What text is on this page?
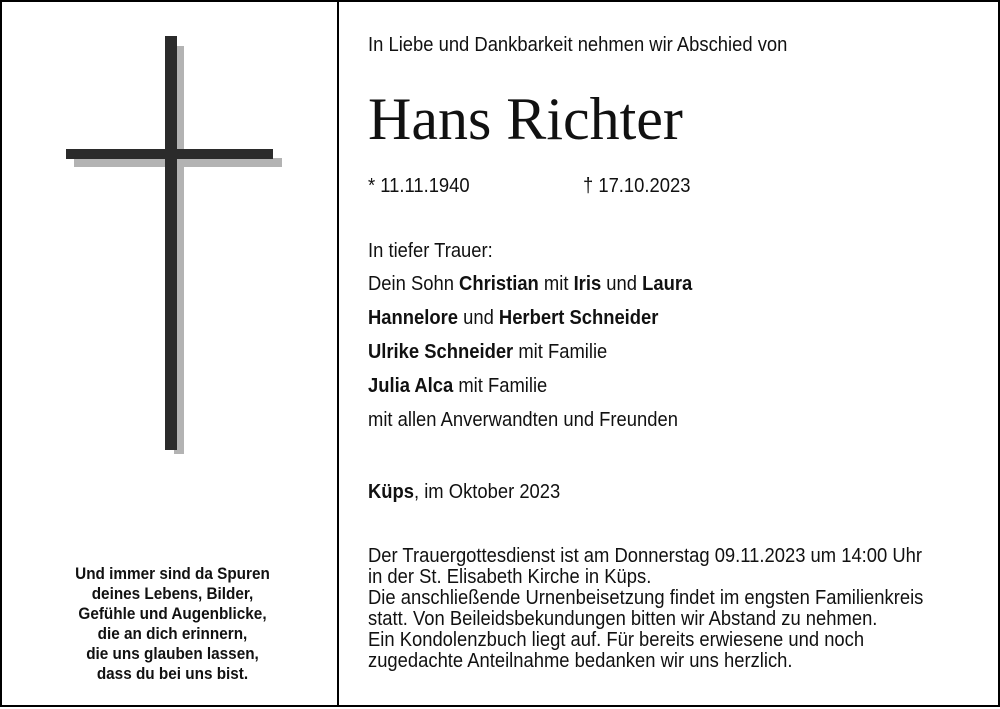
Und immer sind da Spuren
deines Lebens, Bilder,
Gefühle und Augenblicke,
die an dich erinnern,
die uns glauben lassen,
dass du bei uns bist.
In Liebe und Dankbarkeit nehmen wir Abschied von
Hans Richter
* 11.11.1940	† 17.10.2023
In tiefer Trauer:
Dein Sohn Christian mit Iris und Laura
Hannelore und Herbert Schneider
Ulrike Schneider mit Familie
Julia Alca mit Familie
mit allen Anverwandten und Freunden
Küps, im Oktober 2023
Der Trauergottesdienst ist am Donnerstag 09.11.2023 um 14:00 Uhr
in der St. Elisabeth Kirche in Küps.
Die anschließende Urnenbeisetzung findet im engsten Familienkreis
statt. Von Beileidsbekundungen bitten wir Abstand zu nehmen.
Ein Kondolenzbuch liegt auf. Für bereits erwiesene und noch
zugedachte Anteilnahme bedanken wir uns herzlich.
